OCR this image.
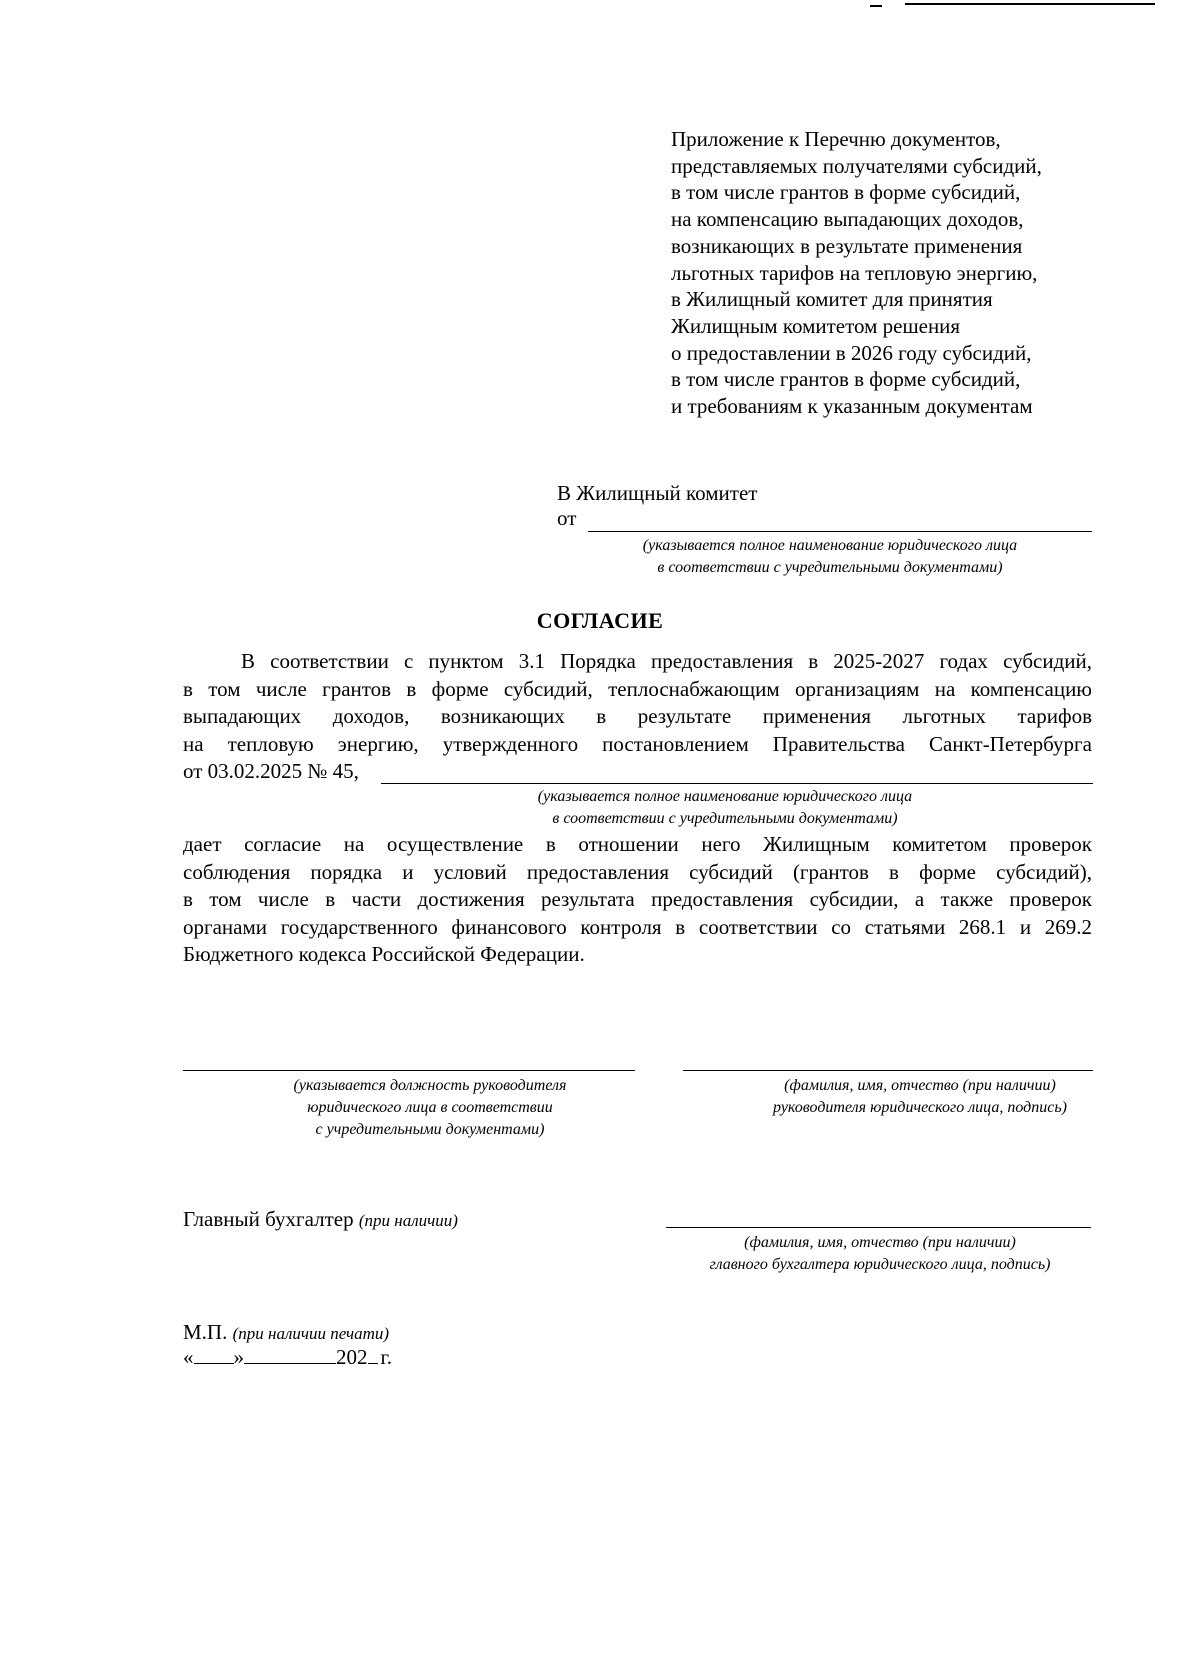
Приложение к Перечню документов,
представляемых получателями субсидий,
в том числе грантов в форме субсидий,
на компенсацию выпадающих доходов,
возникающих в результате применения
льготных тарифов на тепловую энергию,
в Жилищный комитет для принятия
Жилищным комитетом решения
о предоставлении в 2026 году субсидий,
в том числе грантов в форме субсидий,
и требованиям к указанным документам
В Жилищный комитет
от
(указывается полное наименование юридического лица
в соответствии с учредительными документами)
СОГЛАСИЕ
В соответствии с пунктом 3.1 Порядка предоставления в 2025-2027 годах субсидий,
в том числе грантов в форме субсидий, теплоснабжающим организациям на компенсацию
выпадающих доходов, возникающих в результате применения льготных тарифов
на тепловую энергию, утвержденного постановлением Правительства Санкт-Петербурга
от 03.02.2025 № 45,
(указывается полное наименование юридического лица
в соответствии с учредительными документами)
дает согласие на осуществление в отношении него Жилищным комитетом проверок
соблюдения порядка и условий предоставления субсидий (грантов в форме субсидий),
в том числе в части достижения результата предоставления субсидии, а также проверок
органами государственного финансового контроля в соответствии со статьями 268.1 и 269.2
Бюджетного кодекса Российской Федерации.
(указывается должность руководителя
юридического лица в соответствии
с учредительными документами)
(фамилия, имя, отчество (при наличии)
руководителя юридического лица, подпись)
Главный бухгалтер (при наличии)
(фамилия, имя, отчество (при наличии)
главного бухгалтера юридического лица, подпись)
М.П. (при наличии печати)
« »	202 г.
